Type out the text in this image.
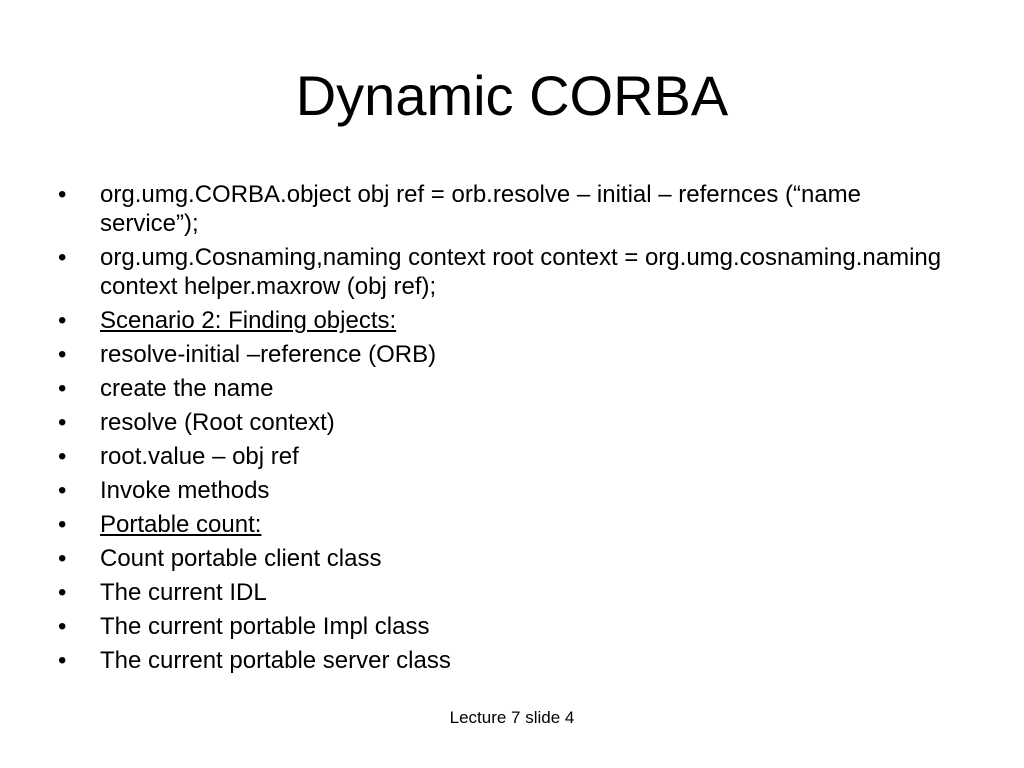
Dynamic CORBA
•	org.umg.CORBA.object obj ref = orb.resolve – initial – refernces (“name service”);
•	org.umg.Cosnaming,naming context root context = org.umg.cosnaming.naming context helper.maxrow (obj ref);
•	Scenario 2: Finding objects:
•	resolve-initial –reference (ORB)
•	create the name
•	resolve (Root context)
•	root.value – obj ref
•	Invoke methods
•	Portable count:
•	Count portable client class
•	The current IDL
•	The current portable Impl class
•	The current portable server class
Lecture 7 slide 4
